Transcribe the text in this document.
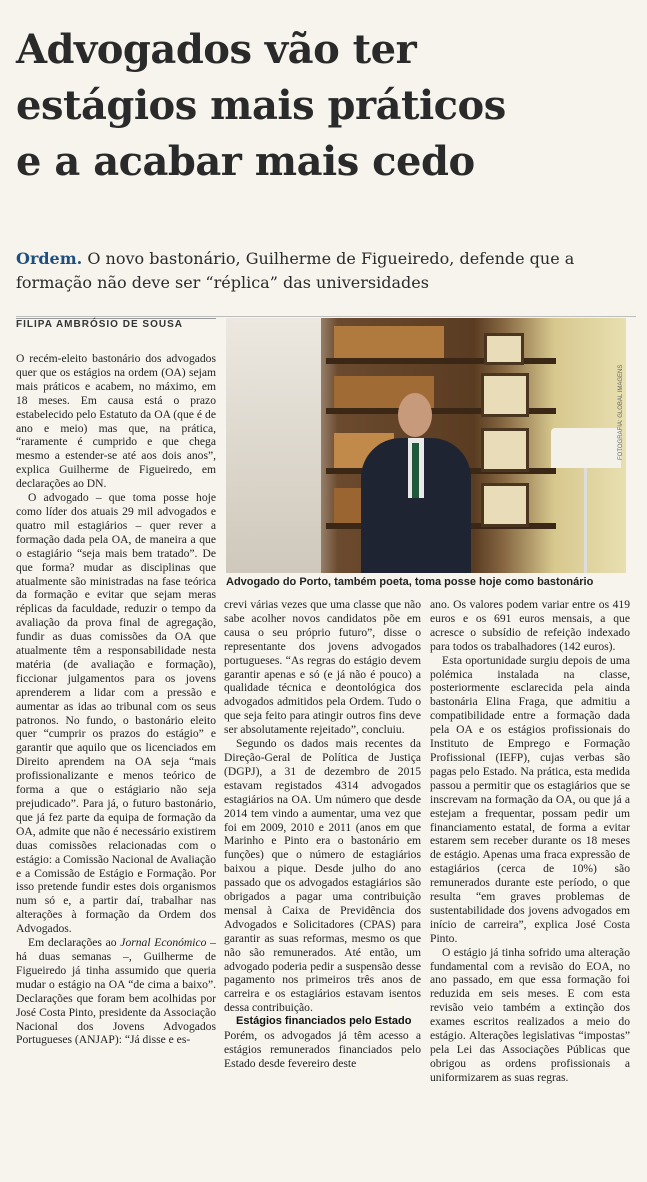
Advogados vão ter
estágios mais práticos
e a acabar mais cedo
Ordem. O novo bastonário, Guilherme de Figueiredo, defende que a formação não deve ser “réplica” das universidades
FILIPA AMBRÓSIO DE SOUSA

O recém-eleito bastonário dos advogados quer que os estágios na ordem (OA) sejam mais práticos e acabem, no máximo, em 18 meses. Em causa está o prazo estabelecido pelo Estatuto da OA (que é de ano e meio) mas que, na prática, “raramente é cumprido e que chega mesmo a estender-se até aos dois anos”, explica Guilherme de Figueiredo, em declarações ao DN.

O advogado – que toma posse hoje como líder dos atuais 29 mil advogados e quatro mil estagiários – quer rever a formação dada pela OA, de maneira a que o estagiário “seja mais bem tratado”. De que forma? mudar as disciplinas que atualmente são ministradas na fase teórica da formação e evitar que sejam meras réplicas da faculdade, reduzir o tempo da avaliação da prova final de agregação, fundir as duas comissões da OA que atualmente têm a responsabilidade nesta matéria (de avaliação e formação), ficcionar julgamentos para os jovens aprenderem a lidar com a pressão e aumentar as idas ao tribunal com os seus patronos. No fundo, o bastonário eleito quer “cumprir os prazos do estágio” e garantir que aquilo que os licenciados em Direito aprendem na OA seja “mais profissionalizante e menos teórico de forma a que o estágiario não seja prejudicado”. Para já, o futuro bastonário, que já fez parte da equipa de formação da OA, admite que não é necessário existirem duas comissões relacionadas com o estágio: a Comissão Nacional de Avaliação e a Comissão de Estágio e Formação. Por isso pretende fundir estes dois organismos num só e, a partir daí, trabalhar nas alterações à formação da Ordem dos Advogados.

Em declarações ao Jornal Económico – há duas semanas –, Guilherme de Figueiredo já tinha assumido que queria mudar o estágio na OA “de cima a baixo”. Declarações que foram bem acolhidas por José Costa Pinto, presidente da Associação Nacional dos Jovens Advogados Portugueses (ANJAP): “Já disse e es-

FOTOGRAFIA: GLOBAL IMAGENS
Advogado do Porto, também poeta, toma posse hoje como bastonário

crevi várias vezes que uma classe que não sabe acolher novos candidatos põe em causa o seu próprio futuro”, disse o representante dos jovens advogados portugueses. “As regras do estágio devem garantir apenas e só (e já não é pouco) a qualidade técnica e deontológica dos advogados admitidos pela Ordem. Tudo o que seja feito para atingir outros fins deve ser absolutamente rejeitado”, concluiu.

Segundo os dados mais recentes da Direção-Geral de Política de Justiça (DGPJ), a 31 de dezembro de 2015 estavam registados 4314 advogados estagiários na OA. Um número que desde 2014 tem vindo a aumentar, uma vez que foi em 2009, 2010 e 2011 (anos em que Marinho e Pinto era o bastonário em funções) que o número de estagiários baixou a pique. Desde julho do ano passado que os advogados estagiários são obrigados a pagar uma contribuição mensal à Caixa de Previdência dos Advogados e Solicitadores (CPAS) para garantir as suas reformas, mesmo os que não são remunerados. Até então, um advogado poderia pedir a suspensão desse pagamento nos primeiros três anos de carreira e os estagiários estavam isentos dessa contribuição.

Estágios financiados pelo Estado

Porém, os advogados já têm acesso a estágios remunerados financiados pelo Estado desde fevereiro deste

ano. Os valores podem variar entre os 419 euros e os 691 euros mensais, a que acresce o subsídio de refeição indexado para todos os trabalhadores (142 euros).

Esta oportunidade surgiu depois de uma polémica instalada na classe, posteriormente esclarecida pela ainda bastonária Elina Fraga, que admitiu a compatibilidade entre a formação dada pela OA e os estágios profissionais do Instituto de Emprego e Formação Profissional (IEFP), cujas verbas são pagas pelo Estado. Na prática, esta medida passou a permitir que os estagiários que se inscrevam na formação da OA, ou que já a estejam a frequentar, possam pedir um financiamento estatal, de forma a evitar estarem sem receber durante os 18 meses de estágio. Apenas uma fraca expressão de estagiários (cerca de 10%) são remunerados durante este período, o que resulta “em graves problemas de sustentabilidade dos jovens advogados em início de carreira”, explica José Costa Pinto.

O estágio já tinha sofrido uma alteração fundamental com a revisão do EOA, no ano passado, em que essa formação foi reduzida em seis meses. E com esta revisão veio também a extinção dos exames escritos realizados a meio do estágio. Alterações legislativas “impostas” pela Lei das Associações Públicas que obrigou as ordens profissionais a uniformizarem as suas regras.
